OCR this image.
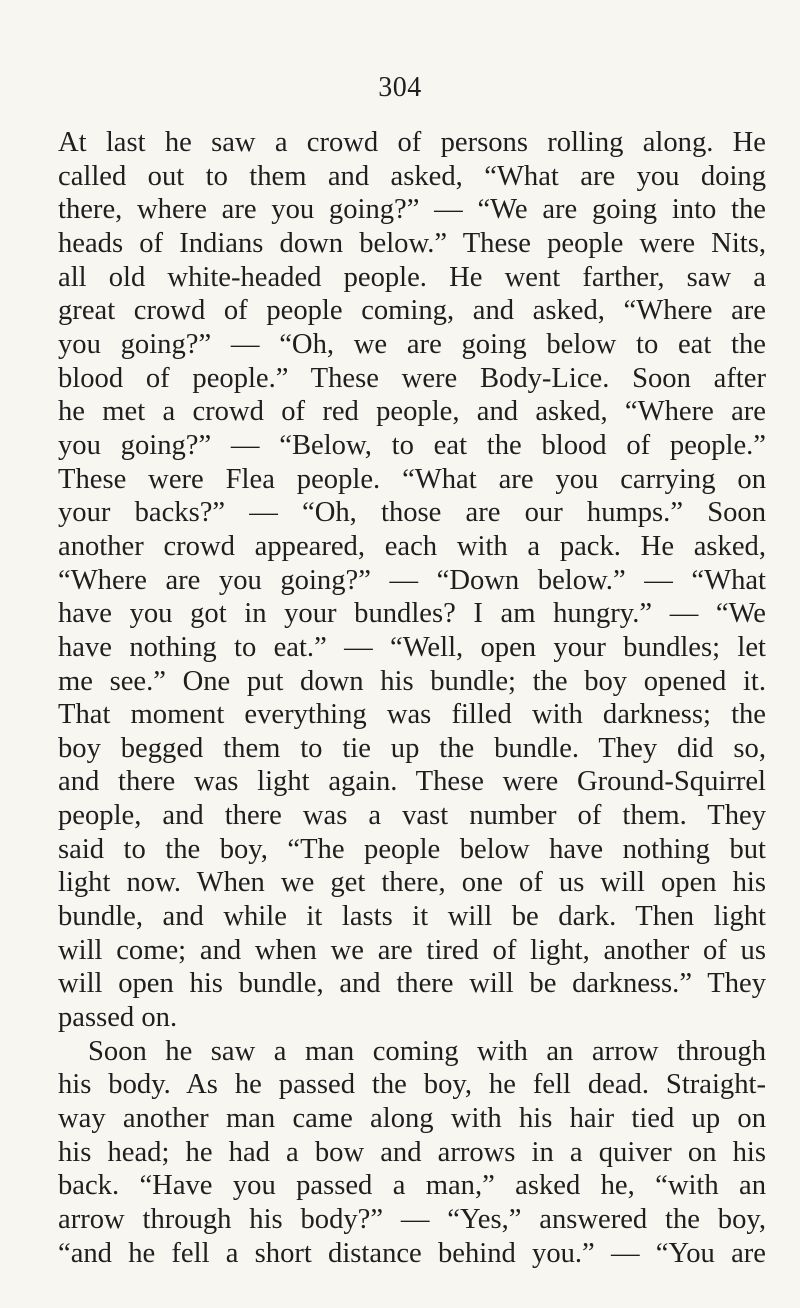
304
At last he saw a crowd of persons rolling along. He
called out to them and asked, “What are you doing
there, where are you going?” — “We are going into the
heads of Indians down below.” These people were Nits,
all old white-headed people. He went farther, saw a
great crowd of people coming, and asked, “Where are
you going?” — “Oh, we are going below to eat the
blood of people.” These were Body-Lice. Soon after
he met a crowd of red people, and asked, “Where are
you going?” — “Below, to eat the blood of people.”
These were Flea people. “What are you carrying on
your backs?” — “Oh, those are our humps.” Soon
another crowd appeared, each with a pack. He asked,
“Where are you going?” — “Down below.” — “What
have you got in your bundles? I am hungry.” — “We
have nothing to eat.” — “Well, open your bundles; let
me see.” One put down his bundle; the boy opened it.
That moment everything was filled with darkness; the
boy begged them to tie up the bundle. They did so,
and there was light again. These were Ground-Squirrel
people, and there was a vast number of them. They
said to the boy, “The people below have nothing but
light now. When we get there, one of us will open his
bundle, and while it lasts it will be dark. Then light
will come; and when we are tired of light, another of us
will open his bundle, and there will be darkness.” They
passed on.
Soon he saw a man coming with an arrow through
his body. As he passed the boy, he fell dead. Straight-
way another man came along with his hair tied up on
his head; he had a bow and arrows in a quiver on his
back. “Have you passed a man,” asked he, “with an
arrow through his body?” — “Yes,” answered the boy,
“and he fell a short distance behind you.” — “You are
